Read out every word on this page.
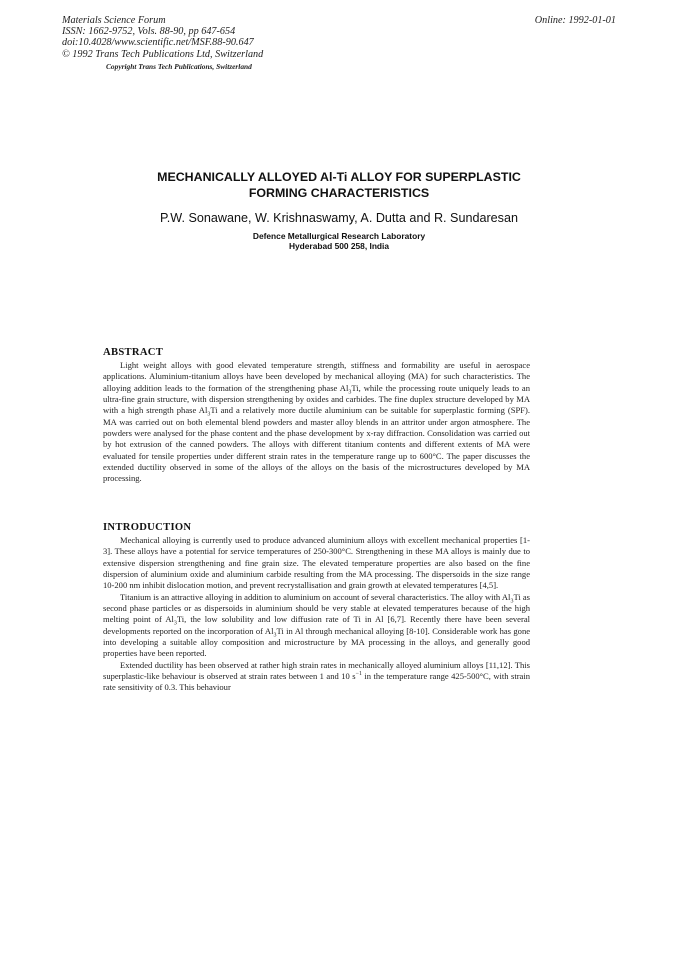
Materials Science Forum
ISSN: 1662-9752, Vols. 88-90, pp 647-654
doi:10.4028/www.scientific.net/MSF.88-90.647
© 1992 Trans Tech Publications Ltd, Switzerland
Copyright Trans Tech Publications, Switzerland
Online: 1992-01-01
MECHANICALLY ALLOYED Al-Ti ALLOY FOR SUPERPLASTIC
FORMING CHARACTERISTICS
P.W. Sonawane, W. Krishnaswamy, A. Dutta and R. Sundaresan
Defence Metallurgical Research Laboratory
Hyderabad 500 258, India
ABSTRACT

Light weight alloys with good elevated temperature strength, stiffness and formability are useful in aerospace applications. Aluminium-titanium alloys have been developed by mechanical alloying (MA) for such characteristics. The alloying addition leads to the formation of the strengthening phase $Al_3Ti$, while the processing route uniquely leads to an ultra-fine grain structure, with dispersion strengthening by oxides and carbides. The fine duplex structure developed by MA with a high strength phase $Al_3Ti$ and a relatively more ductile aluminium can be suitable for superplastic forming (SPF). MA was carried out on both elemental blend powders and master alloy blends in an attritor under argon atmosphere. The powders were analysed for the phase content and the phase development by x-ray diffraction. Consolidation was carried out by hot extrusion of the canned powders. The alloys with different titanium contents and different extents of MA were evaluated for tensile properties under different strain rates in the temperature range up to 600°C. The paper discusses the extended ductility observed in some of the alloys of the alloys on the basis of the microstructures developed by MA processing.

INTRODUCTION

Mechanical alloying is currently used to produce advanced aluminium alloys with excellent mechanical properties [1-3]. These alloys have a potential for service temperatures of 250-300°C. Strengthening in these MA alloys is mainly due to extensive dispersion strengthening and fine grain size. The elevated temperature properties are also based on the fine dispersion of aluminium oxide and aluminium carbide resulting from the MA processing. The dispersoids in the size range 10-200 nm inhibit dislocation motion, and prevent recrystallisation and grain growth at elevated temperatures [4,5].

Titanium is an attractive alloying in addition to aluminium on account of several characteristics. The alloy with $Al_3Ti$ as second phase particles or as dispersoids in aluminium should be very stable at elevated temperatures because of the high melting point of $Al_3Ti$, the low solubility and low diffusion rate of Ti in Al [6,7]. Recently there have been several developments reported on the incorporation of $Al_3Ti$ in Al through mechanical alloying [8-10]. Considerable work has gone into developing a suitable alloy composition and microstructure by MA processing in the alloys, and generally good properties have been reported.

Extended ductility has been observed at rather high strain rates in mechanically alloyed aluminium alloys [11,12]. This superplastic-like behaviour is observed at strain rates between 1 and 10 $s^{-1}$ in the temperature range 425-500°C, with strain rate sensitivity of 0.3. This behaviour
